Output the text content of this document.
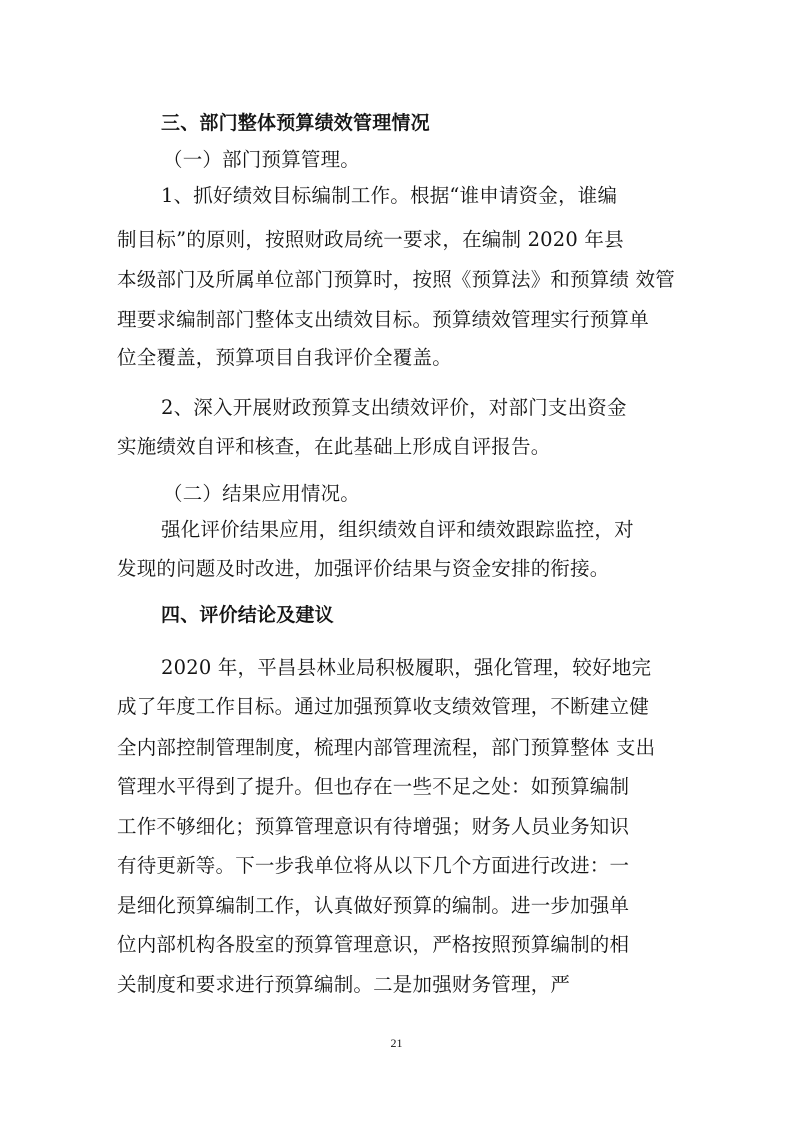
三、部门整体预算绩效管理情况
（一）部门预算管理。
1、抓好绩效目标编制工作。根据“谁申请资金，谁编
制目标”的原则，按照财政局统一要求，在编制 2020 年县
本级部门及所属单位部门预算时，按照《预算法》和预算绩 效管
理要求编制部门整体支出绩效目标。预算绩效管理实行预算单
位全覆盖，预算项目自我评价全覆盖。
2、深入开展财政预算支出绩效评价，对部门支出资金
实施绩效自评和核查，在此基础上形成自评报告。
（二）结果应用情况。
强化评价结果应用，组织绩效自评和绩效跟踪监控，对
发现的问题及时改进，加强评价结果与资金安排的衔接。
四、评价结论及建议
2020 年，平昌县林业局积极履职，强化管理，较好地完
成了年度工作目标。通过加强预算收支绩效管理，不断建立健
全内部控制管理制度，梳理内部管理流程，部门预算整体 支出
管理水平得到了提升。但也存在一些不足之处：如预算编制
工作不够细化；预算管理意识有待增强；财务人员业务知识
有待更新等。下一步我单位将从以下几个方面进行改进：一
是细化预算编制工作，认真做好预算的编制。进一步加强单
位内部机构各股室的预算管理意识，严格按照预算编制的相
关制度和要求进行预算编制。二是加强财务管理，严
21
